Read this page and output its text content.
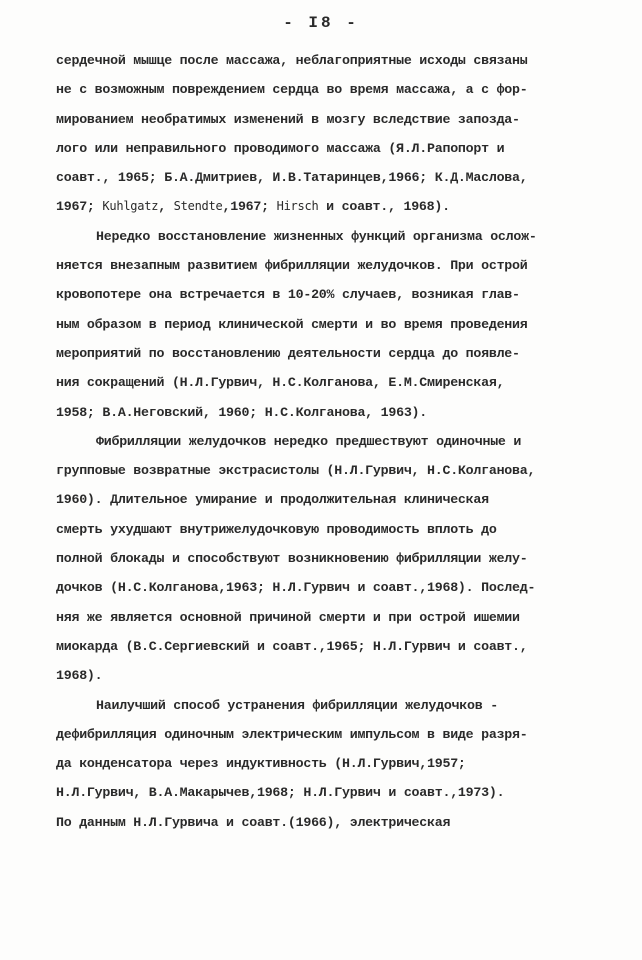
- I8 -
сердечной мышце после массажа, неблагоприятные исходы связаны
не с возможным повреждением сердца во время массажа, а с фор-
мированием необратимых изменений в мозгу вследствие запозда-
лого или неправильного проводимого массажа (Я.Л.Рапопорт и
соавт., 1965; Б.А.Дмитриев, И.В.Татаринцев,1966; К.Д.Маслова,
1967; Kuhlgatz, Stendte,1967; Hirsch и соавт., 1968).
Нередко восстановление жизненных функций организма ослож-
няется внезапным развитием фибрилляции желудочков. При острой
кровопотере она встречается в 10-20% случаев, возникая глав-
ным образом в период клинической смерти и во время проведения
мероприятий по восстановлению деятельности сердца до появле-
ния сокращений (Н.Л.Гурвич, Н.С.Колганова, Е.М.Смиренская,
1958; В.А.Неговский, 1960; Н.С.Колганова, 1963).
Фибрилляции желудочков нередко предшествуют одиночные и
групповые возвратные экстрасистолы (Н.Л.Гурвич, Н.С.Колганова,
1960). Длительное умирание и продолжительная клиническая
смерть ухудшают внутрижелудочковую проводимость вплоть до
полной блокады и способствуют возникновению фибрилляции желу-
дочков (Н.С.Колганова,1963; Н.Л.Гурвич и соавт.,1968). Послед-
няя же является основной причиной смерти и при острой ишемии
миокарда (В.С.Сергиевский и соавт.,1965; Н.Л.Гурвич и соавт.,
1968).
Наилучший способ устранения фибрилляции желудочков -
дефибрилляция одиночным электрическим импульсом в виде разря-
да конденсатора через индуктивность (Н.Л.Гурвич,1957;
Н.Л.Гурвич, В.А.Макарычев,1968; Н.Л.Гурвич и соавт.,1973).
По данным Н.Л.Гурвича и соавт.(1966), электрическая
